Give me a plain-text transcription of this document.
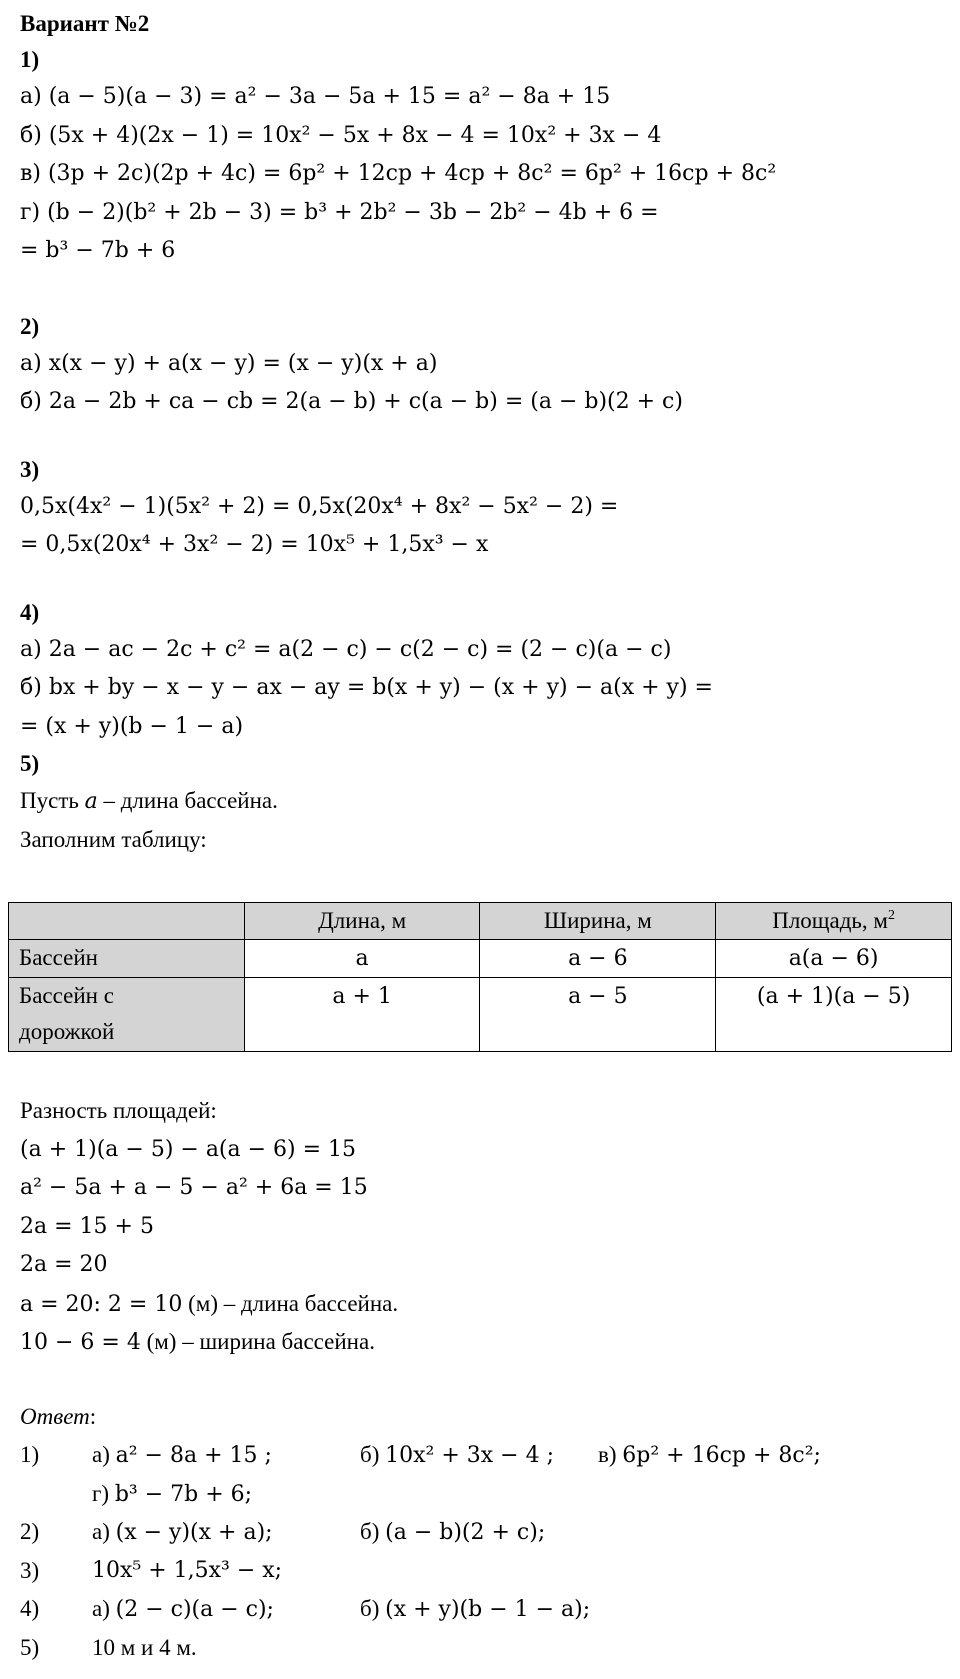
Вариант №2
1)
а) (a − 5)(a − 3) = a² − 3a − 5a + 15 = a² − 8a + 15
б) (5x + 4)(2x − 1) = 10x² − 5x + 8x − 4 = 10x² + 3x − 4
в) (3p + 2c)(2p + 4c) = 6p² + 12cp + 4cp + 8c² = 6p² + 16cp + 8c²
г) (b − 2)(b² + 2b − 3) = b³ + 2b² − 3b − 2b² − 4b + 6 =
= b³ − 7b + 6
2)
а) x(x − y) + a(x − y) = (x − y)(x + a)
б) 2a − 2b + ca − cb = 2(a − b) + c(a − b) = (a − b)(2 + c)
3)
0,5x(4x² − 1)(5x² + 2) = 0,5x(20x⁴ + 8x² − 5x² − 2) =
= 0,5x(20x⁴ + 3x² − 2) = 10x⁵ + 1,5x³ − x
4)
а) 2a − ac − 2c + c² = a(2 − c) − c(2 − c) = (2 − c)(a − c)
б) bx + by − x − y − ax − ay = b(x + y) − (x + y) − a(x + y) =
= (x + y)(b − 1 − a)
5)
Пусть a – длина бассейна.
Заполним таблицу:
	Длина, м	Ширина, м	Площадь, $м^2$
Бассейн	a	a − 6	a(a − 6)

Бассейн с
дорожкой	a + 1	a − 5	(a + 1)(a − 5)
Разность площадей:
(a + 1)(a − 5) − a(a − 6) = 15
a² − 5a + a − 5 − a² + 6a = 15
2a = 15 + 5
2a = 20
a = 20: 2 = 10 (м) – длина бассейна.
10 − 6 = 4 (м) – ширина бассейна.
Ответ:
1) а) a² − 8a + 15 ;	б) 10x² + 3x − 4 ; в) 6p² + 16cp + 8c²;
г) b³ − 7b + 6;
2) а) (x − y)(x + a);	б) (a − b)(2 + c);
3) 10x⁵ + 1,5x³ − x;
4) а) (2 − c)(a − c);	б) (x + y)(b − 1 − a);
5) 10 м и 4 м.
